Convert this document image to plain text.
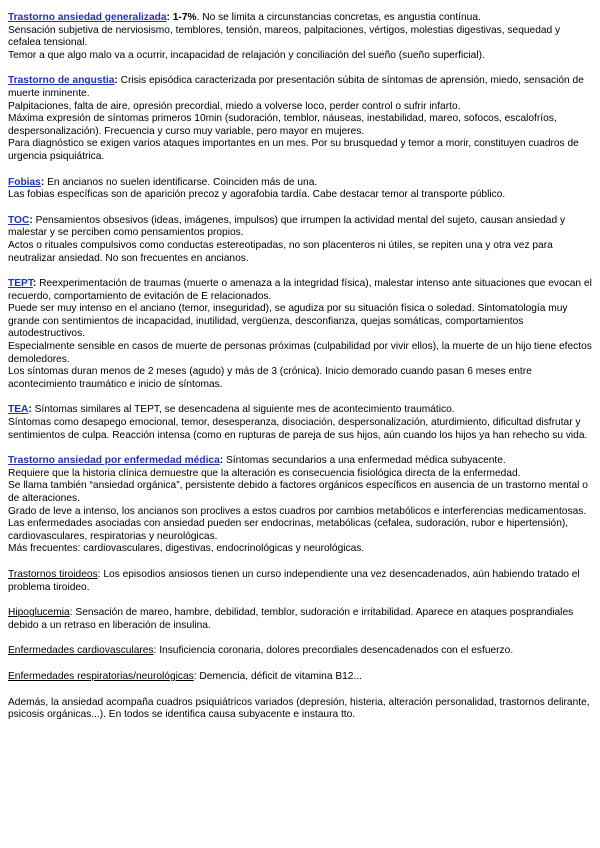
Trastorno ansiedad generalizada: 1-7%. No se limita a circunstancias concretas, es angustia contínua.
Sensación subjetiva de nerviosismo, temblores, tensión, mareos, palpitaciones, vértigos, molestias digestivas, sequedad y cefalea tensional.
Temor a que algo malo va a ocurrir, incapacidad de relajación y conciliación del sueño (sueño superficial).

Trastorno de angustia: Crisis episódica caracterizada por presentación súbita de síntomas de aprensión, miedo, sensación de muerte inminente.
Palpitaciones, falta de aire, opresión precordial, miedo a volverse loco, perder control o sufrir infarto.
Máxima expresión de síntomas primeros 10min (sudoración, temblor, náuseas, inestabilidad, mareo, sofocos, escalofríos, despersonalización). Frecuencia y curso muy variable, pero mayor en mujeres.
Para diagnóstico se exigen varios ataques importantes en un mes. Por su brusquedad y temor a morir, constituyen cuadros de urgencia psiquiátrica.

Fobias: En ancianos no suelen identificarse. Coinciden más de una.
Las fobias específicas son de aparición precoz y agorafobia tardía. Cabe destacar temor al transporte público.

TOC: Pensamientos obsesivos (ideas, imágenes, impulsos) que irrumpen la actividad mental del sujeto, causan ansiedad y malestar y se perciben como pensamientos propios.
Actos o rituales compulsivos como conductas estereotipadas, no son placenteros ni útiles, se repiten una y otra vez para neutralizar ansiedad. No son frecuentes en ancianos.

TEPT: Reexperimentación de traumas (muerte o amenaza a la integridad física), malestar intenso ante situaciones que evocan el recuerdo, comportamiento de evitación de E relacionados.
Puede ser muy intenso en el anciano (temor, inseguridad), se agudiza por su situación física o soledad. Sintomatología muy grande con sentimientos de incapacidad, inutilidad, vergüenza, desconfianza, quejas somáticas, comportamientos autodestructivos.
Especialmente sensible en casos de muerte de personas próximas (culpabilidad por vivir ellos), la muerte de un hijo tiene efectos demoledores.
Los síntomas duran menos de 2 meses (agudo) y más de 3 (crónica). Inicio demorado cuando pasan 6 meses entre acontecimiento traumático e inicio de síntomas.

TEA: Síntomas similares al TEPT, se desencadena al siguiente mes de acontecimiento traumático.
Síntomas como desapego emocional, temor, desesperanza, disociación, despersonalización, aturdimiento, dificultad disfrutar y sentimientos de culpa. Reacción intensa (como en rupturas de pareja de sus hijos, aún cuando los hijos ya han rehecho su vida.

Trastorno ansiedad por enfermedad médica: Síntomas secundarios a una enfermedad médica subyacente.
Requiere que la historia clínica demuestre que la alteración es consecuencia fisiológica directa de la enfermedad.
Se llama también “ansiedad orgánica”, persistente debido a factores orgánicos específicos en ausencia de un trastorno mental o de alteraciones.
Grado de leve a intenso, los ancianos son proclives a estos cuadros por cambios metabólicos e interferencias medicamentosas. Las enfermedades asociadas con ansiedad pueden ser endocrinas, metabólicas (cefalea, sudoración, rubor e hipertensión), cardiovasculares, respiratorias y neurológicas.
Más frecuentes: cardiovasculares, digestivas, endocrinológicas y neurológicas.

Trastornos tiroideos: Los episodios ansiosos tienen un curso independiente una vez desencadenados, aún habiendo tratado el problema tiroideo.

Hipoglucemia: Sensación de mareo, hambre, debilidad, temblor, sudoración e irritabilidad. Aparece en ataques posprandiales debido a un retraso en liberación de insulina.

Enfermedades cardiovasculares: Insuficiencia coronaria, dolores precordiales desencadenados con el esfuerzo.

Enfermedades respiratorias/neurológicas: Demencia, déficit de vitamina B12...

Además, la ansiedad acompaña cuadros psiquiátricos variados (depresión, histeria, alteración personalidad, trastornos delirante, psicosis orgánicas...). En todos se identifica causa subyacente e instaura tto.
